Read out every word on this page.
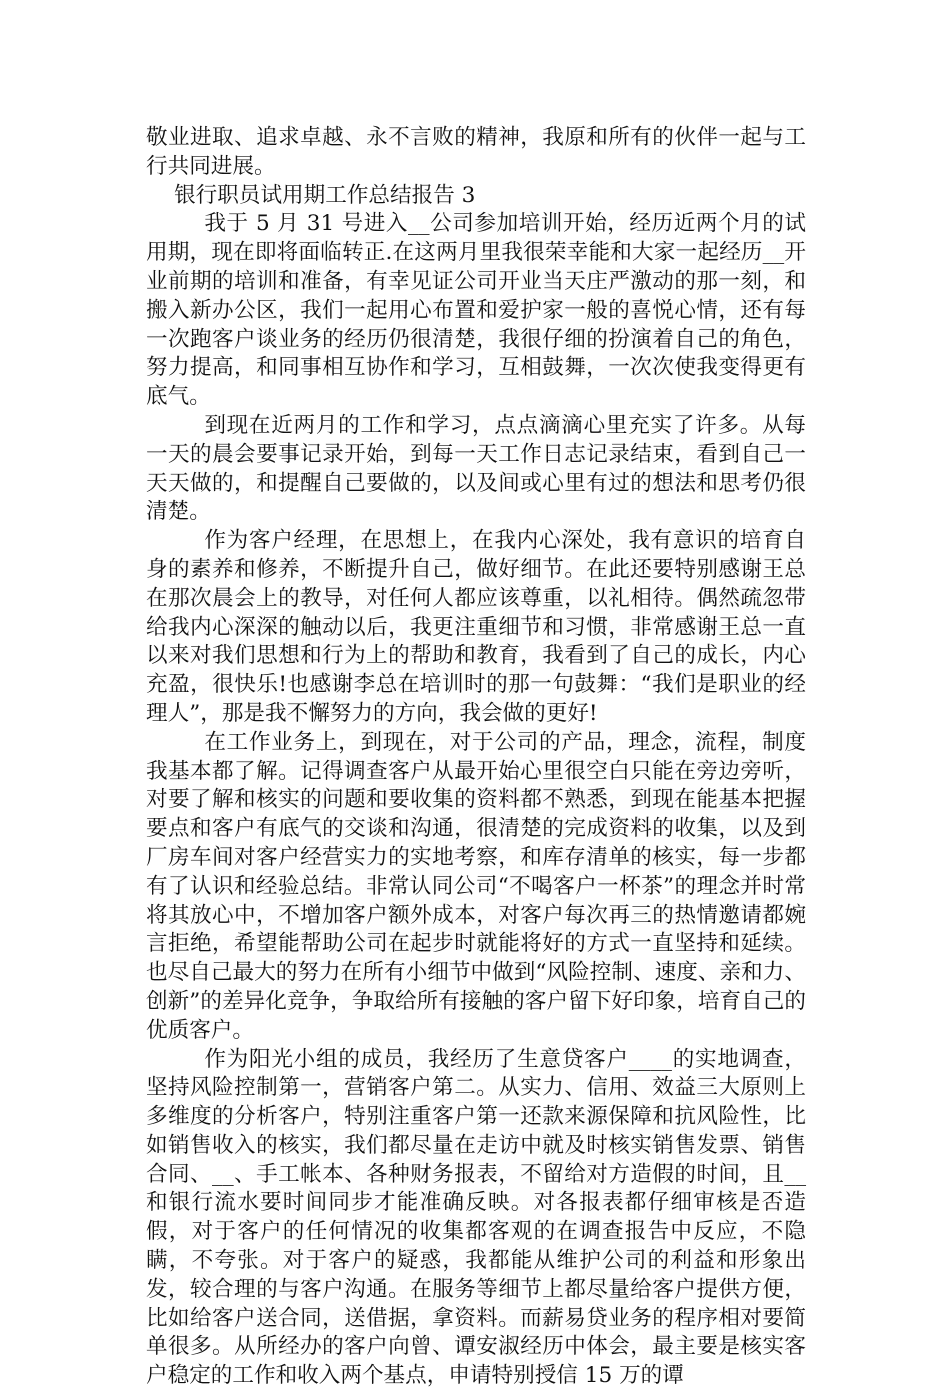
敬业进取、追求卓越、永不言败的精神，我原和所有的伙伴一起与工行共同进展。

银行职员试用期工作总结报告 3

我于 5 月 31 号进入__公司参加培训开始，经历近两个月的试用期，现在即将面临转正.在这两月里我很荣幸能和大家一起经历__开业前期的培训和准备，有幸见证公司开业当天庄严激动的那一刻，和搬入新办公区，我们一起用心布置和爱护家一般的喜悦心情，还有每一次跑客户谈业务的经历仍很清楚，我很仔细的扮演着自己的角色，努力提高，和同事相互协作和学习，互相鼓舞，一次次使我变得更有底气。

到现在近两月的工作和学习，点点滴滴心里充实了许多。从每一天的晨会要事记录开始，到每一天工作日志记录结束，看到自己一天天做的，和提醒自己要做的，以及间或心里有过的想法和思考仍很清楚。

作为客户经理，在思想上，在我内心深处，我有意识的培育自身的素养和修养，不断提升自己，做好细节。在此还要特别感谢王总在那次晨会上的教导，对任何人都应该尊重，以礼相待。偶然疏忽带给我内心深深的触动以后，我更注重细节和习惯，非常感谢王总一直以来对我们思想和行为上的帮助和教育，我看到了自己的成长，内心充盈，很快乐!也感谢李总在培训时的那一句鼓舞：“我们是职业的经理人”，那是我不懈努力的方向，我会做的更好!

在工作业务上，到现在，对于公司的产品，理念，流程，制度我基本都了解。记得调查客户从最开始心里很空白只能在旁边旁听，对要了解和核实的问题和要收集的资料都不熟悉，到现在能基本把握要点和客户有底气的交谈和沟通，很清楚的完成资料的收集，以及到厂房车间对客户经营实力的实地考察，和库存清单的核实，每一步都有了认识和经验总结。非常认同公司“不喝客户一杯茶”的理念并时常将其放心中，不增加客户额外成本，对客户每次再三的热情邀请都婉言拒绝，希望能帮助公司在起步时就能将好的方式一直坚持和延续。也尽自己最大的努力在所有小细节中做到“风险控制、速度、亲和力、创新”的差异化竞争，争取给所有接触的客户留下好印象，培育自己的优质客户。

作为阳光小组的成员，我经历了生意贷客户____的实地调查，坚持风险控制第一，营销客户第二。从实力、信用、效益三大原则上多维度的分析客户，特别注重客户第一还款来源保障和抗风险性，比如销售收入的核实，我们都尽量在走访中就及时核实销售发票、销售合同、__、手工帐本、各种财务报表，不留给对方造假的时间，且__和银行流水要时间同步才能准确反映。对各报表都仔细审核是否造假，对于客户的任何情况的收集都客观的在调查报告中反应，不隐瞒，不夸张。对于客户的疑惑，我都能从维护公司的利益和形象出发，较合理的与客户沟通。在服务等细节上都尽量给客户提供方便，比如给客户送合同，送借据，拿资料。而薪易贷业务的程序相对要简单很多。从所经办的客户向曾、谭安淑经历中体会，最主要是核实客户稳定的工作和收入两个基点，申请特别授信 15 万的谭
